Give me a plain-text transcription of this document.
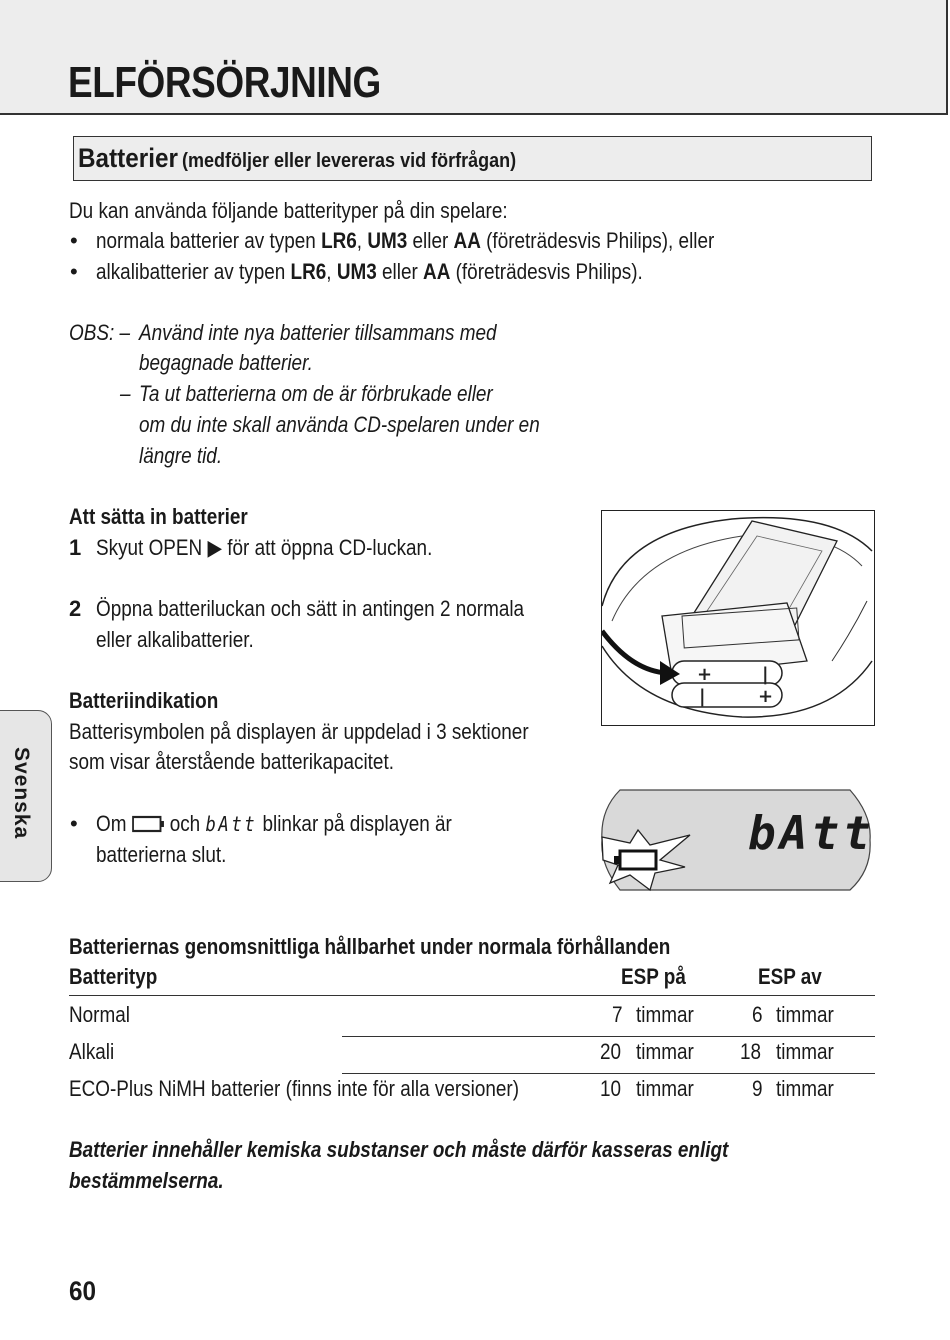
ELFÖRSÖRJNING
Batterier (medföljer eller levereras vid förfrågan)
Du kan använda följande batterityper på din spelare:
• normala batterier av typen LR6, UM3 eller AA (företrädesvis Philips), eller
• alkalibatterier av typen LR6, UM3 eller AA (företrädesvis Philips).
OBS: – Använd inte nya batterier tillsammans med
begagnade batterier.
– Ta ut batterierna om de är förbrukade eller
om du inte skall använda CD-spelaren under en
längre tid.
Att sätta in batterier
1 Skyut OPEN ▶ för att öppna CD-luckan.
2 Öppna batteriluckan och sätt in antingen 2 normala
eller alkalibatterier.
Batteriindikation
Batterisymbolen på displayen är uppdelad i 3 sektioner
som visar återstående batterikapacitet.
• Om och bAtt blinkar på displayen är
batterierna slut.
Svenska
+	|
|	+
bAtt
Batteriernas genomsnittliga hållbarhet under normala förhållanden
Batterityp	ESP på	ESP av
Normal	7 timmar	6 timmar
Alkali	20 timmar 18 timmar
ECO-Plus NiMH batterier (finns inte för alla versioner)	10 timmar	9 timmar
Batterier innehåller kemiska substanser och måste därför kasseras enligt
bestämmelserna.
60
